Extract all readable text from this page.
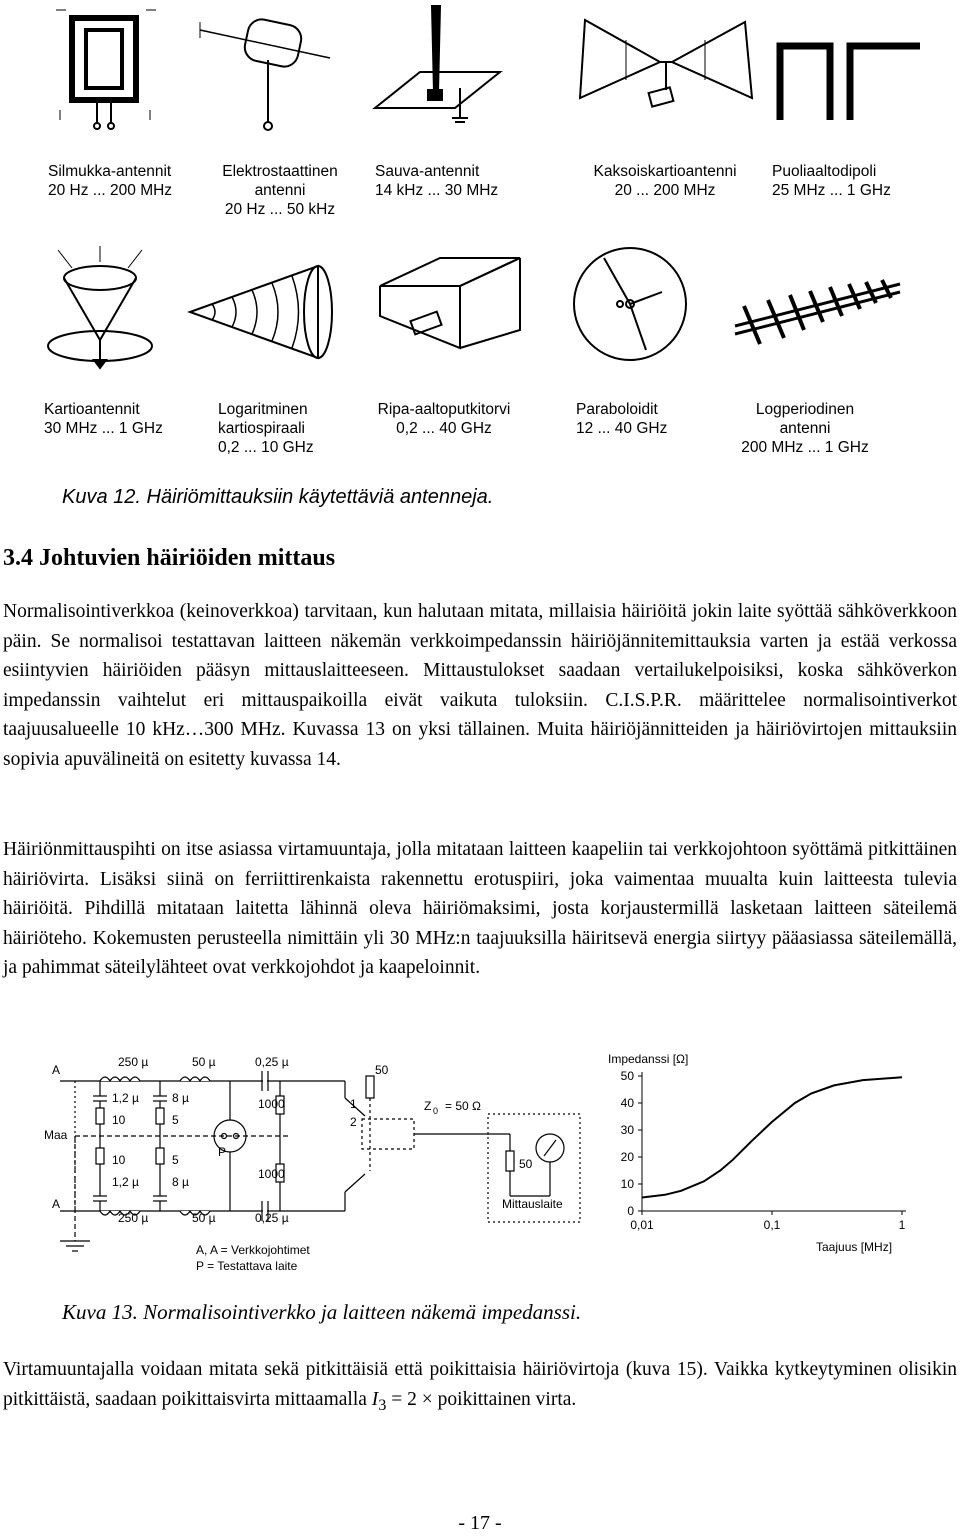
Silmukka-antennit
20 Hz ... 200 MHz
Elektrostaattinen
antenni
20 Hz ... 50 kHz
Sauva-antennit
14 kHz ... 30 MHz
Kaksoiskartioantenni
20 ... 200 MHz
Puoliaaltodipoli
25 MHz ... 1 GHz
Kartioantennit
30 MHz ... 1 GHz
Logaritminen
kartiospiraali
0,2 ... 10 GHz
Ripa-aaltoputkitorvi
0,2 ... 40 GHz
Paraboloidit
12 ... 40 GHz
Logperiodinen
antenni
200 MHz ... 1 GHz
Kuva 12. Häiriömittauksiin käytettäviä antenneja.
3.4 Johtuvien häiriöiden mittaus

Normalisointiverkkoa (keinoverkkoa) tarvitaan, kun halutaan mitata, millaisia häiriöitä jokin laite syöttää sähköverkkoon päin. Se normalisoi testattavan laitteen näkemän verkkoimpedanssin häiriöjännitemittauksia varten ja estää verkossa esiintyvien häiriöiden pääsyn mittauslaitteeseen. Mittaustulokset saadaan vertailukelpoisiksi, koska sähköverkon impedanssin vaihtelut eri mittauspaikoilla eivät vaikuta tuloksiin. C.I.S.P.R. määrittelee normalisointiverkot taajuusalueelle 10 kHz…300 MHz. Kuvassa 13 on yksi tällainen. Muita häiriöjännitteiden ja häiriövirtojen mittauksiin sopivia apuvälineitä on esitetty kuvassa 14.

Häiriönmittauspihti on itse asiassa virtamuuntaja, jolla mitataan laitteen kaapeliin tai verkkojohtoon syöttämä pitkittäinen häiriövirta. Lisäksi siinä on ferriittirenkaista rakennettu erotuspiiri, joka vaimentaa muualta kuin laitteesta tulevia häiriöitä. Pihdillä mitataan laitetta lähinnä oleva häiriömaksimi, josta korjaustermillä lasketaan laitteen säteilemä häiriöteho. Kokemusten perusteella nimittäin yli 30 MHz:n taajuuksilla häiritsevä energia siirtyy pääasiassa säteilemällä, ja pahimmat säteilylähteet ovat verkkojohdot ja kaapeloinnit.

A
Maa
A
250 µ	50 µ	0,25 µ
1,2 µ	8 µ
10	5
10	5
1,2 µ	8 µ
250 µ	50 µ	0,25 µ
P
1000
1000
50
1
2
Z 0 = 50 Ω
50
Mittauslaite
A, A = Verkkojohtimet
P = Testattava laite
Impedanssi [Ω]
Taajuus [MHz]
0
10
20
30
40
50
0,01	0,1	1
Kuva 13. Normalisointiverkko ja laitteen näkemä impedanssi.

Virtamuuntajalla voidaan mitata sekä pitkittäisiä että poikittaisia häiriövirtoja (kuva 15). Vaikka kytkeytyminen olisikin pitkittäistä, saadaan poikittaisvirta mittaamalla $I_3 = 2$ × poikittainen virta.

- 17 -
